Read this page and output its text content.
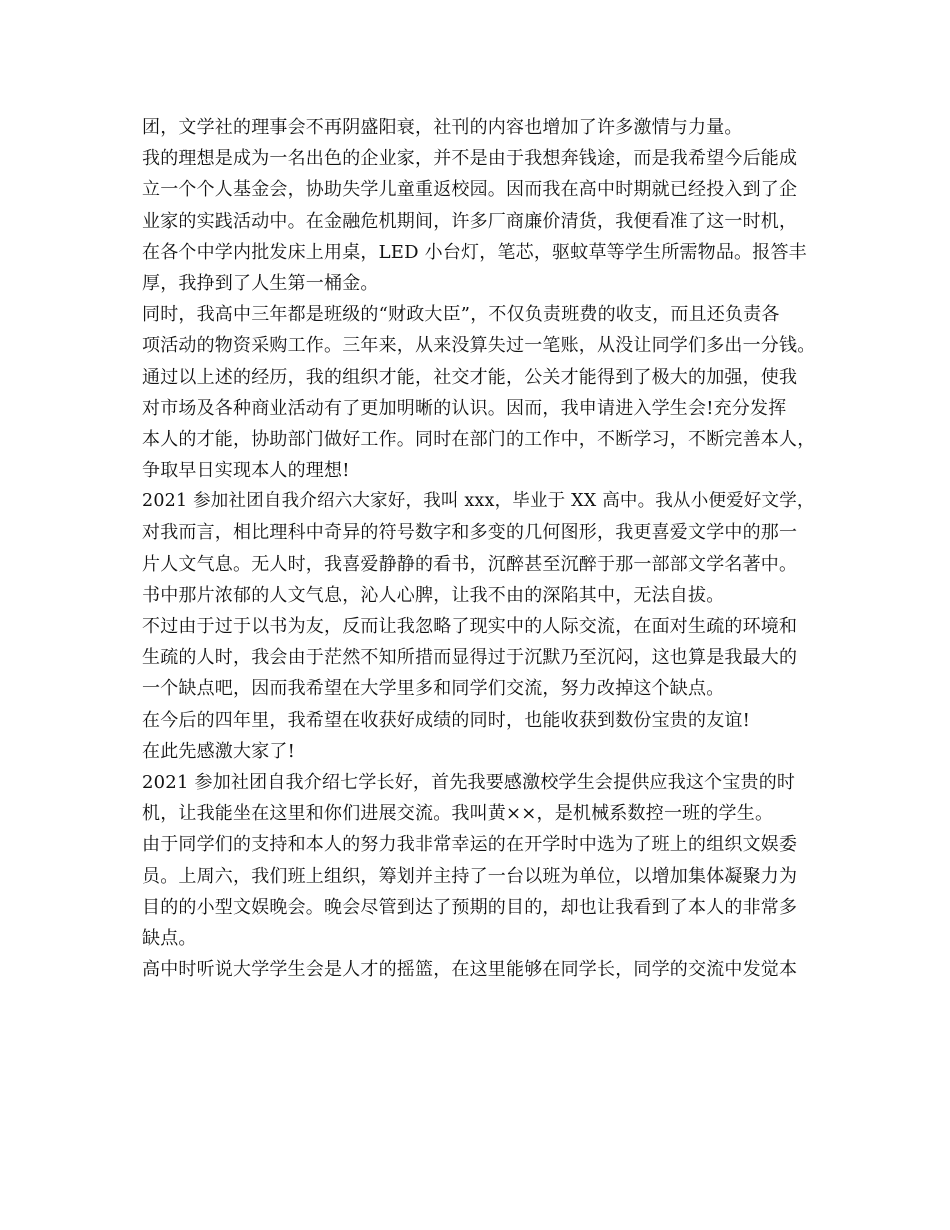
团，文学社的理事会不再阴盛阳衰，社刊的内容也增加了许多激情与力量。
我的理想是成为一名出色的企业家，并不是由于我想奔钱途，而是我希望今后能成
立一个个人基金会，协助失学儿童重返校园。因而我在高中时期就已经投入到了企
业家的实践活动中。在金融危机期间，许多厂商廉价清货，我便看准了这一时机，
在各个中学内批发床上用桌，LED 小台灯，笔芯，驱蚊草等学生所需物品。报答丰
厚，我挣到了人生第一桶金。
同时，我高中三年都是班级的“财政大臣”，不仅负责班费的收支，而且还负责各
项活动的物资采购工作。三年来，从来没算失过一笔账，从没让同学们多出一分钱。
通过以上述的经历，我的组织才能，社交才能，公关才能得到了极大的加强，使我
对市场及各种商业活动有了更加明晰的认识。因而，我申请进入学生会!充分发挥
本人的才能，协助部门做好工作。同时在部门的工作中，不断学习，不断完善本人，
争取早日实现本人的理想!
2021 参加社团自我介绍六大家好，我叫 xxx，毕业于 XX 高中。我从小便爱好文学，
对我而言，相比理科中奇异的符号数字和多变的几何图形，我更喜爱文学中的那一
片人文气息。无人时，我喜爱静静的看书，沉醉甚至沉醉于那一部部文学名著中。
书中那片浓郁的人文气息，沁人心脾，让我不由的深陷其中，无法自拔。
不过由于过于以书为友，反而让我忽略了现实中的人际交流，在面对生疏的环境和
生疏的人时，我会由于茫然不知所措而显得过于沉默乃至沉闷，这也算是我最大的
一个缺点吧，因而我希望在大学里多和同学们交流，努力改掉这个缺点。
在今后的四年里，我希望在收获好成绩的同时，也能收获到数份宝贵的友谊!
在此先感激大家了!
2021 参加社团自我介绍七学长好，首先我要感激校学生会提供应我这个宝贵的时
机，让我能坐在这里和你们进展交流。我叫黄××，是机械系数控一班的学生。
由于同学们的支持和本人的努力我非常幸运的在开学时中选为了班上的组织文娱委
员。上周六，我们班上组织，筹划并主持了一台以班为单位，以增加集体凝聚力为
目的的小型文娱晚会。晚会尽管到达了预期的目的，却也让我看到了本人的非常多
缺点。
高中时听说大学学生会是人才的摇篮，在这里能够在同学长，同学的交流中发觉本
